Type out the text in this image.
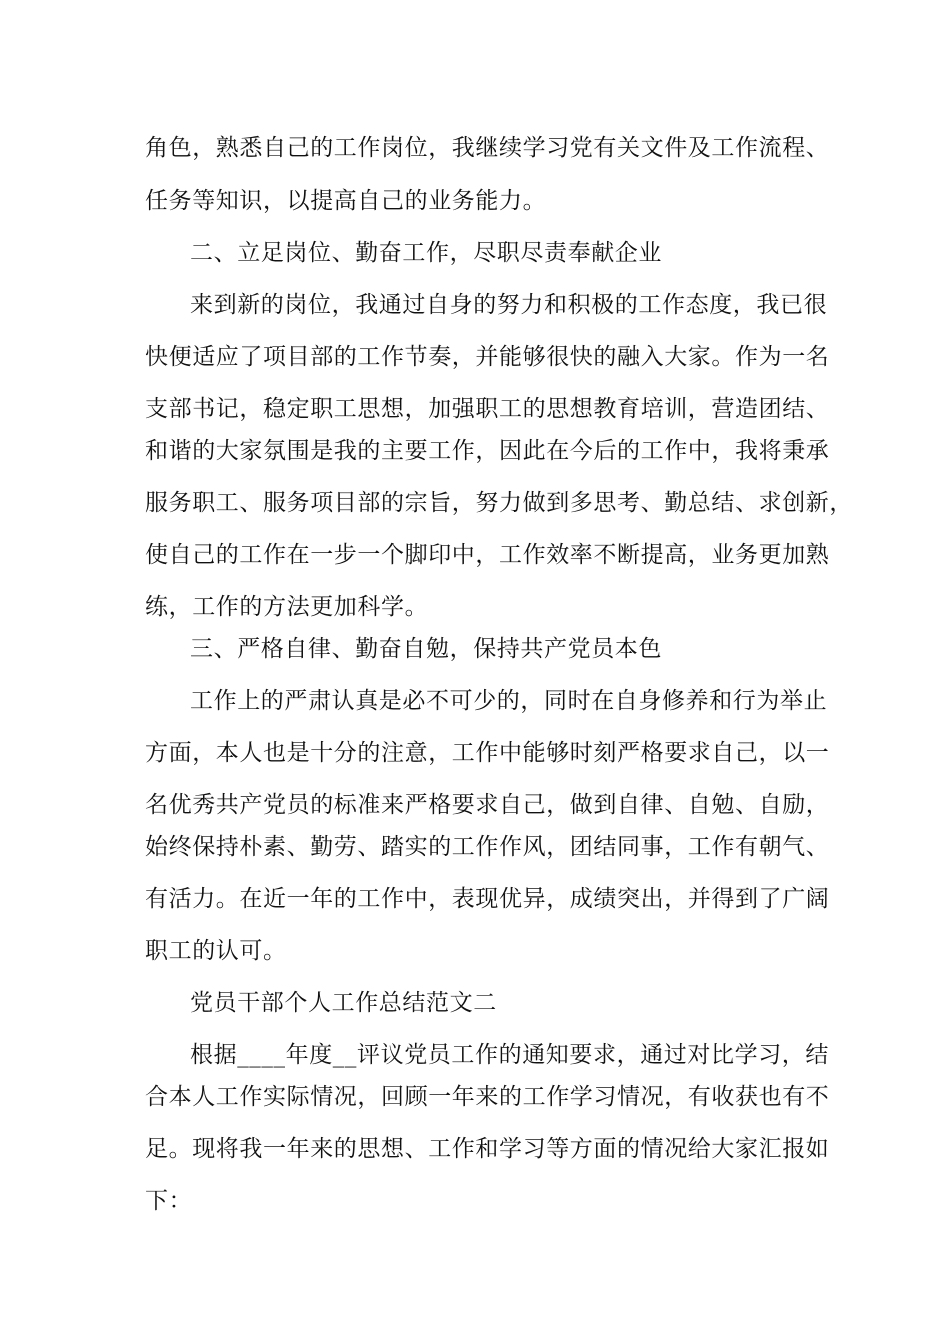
角色，熟悉自己的工作岗位，我继续学习党有关文件及工作流程、
任务等知识，以提高自己的业务能力。
二、立足岗位、勤奋工作，尽职尽责奉献企业
来到新的岗位，我通过自身的努力和积极的工作态度，我已很
快便适应了项目部的工作节奏，并能够很快的融入大家。作为一名
支部书记，稳定职工思想，加强职工的思想教育培训，营造团结、
和谐的大家氛围是我的主要工作，因此在今后的工作中，我将秉承
服务职工、服务项目部的宗旨，努力做到多思考、勤总结、求创新，
使自己的工作在一步一个脚印中，工作效率不断提高，业务更加熟
练，工作的方法更加科学。
三、严格自律、勤奋自勉，保持共产党员本色
工作上的严肃认真是必不可少的，同时在自身修养和行为举止
方面，本人也是十分的注意，工作中能够时刻严格要求自己，以一
名优秀共产党员的标准来严格要求自己，做到自律、自勉、自励，
始终保持朴素、勤劳、踏实的工作作风，团结同事，工作有朝气、
有活力。在近一年的工作中，表现优异，成绩突出，并得到了广阔
职工的认可。
党员干部个人工作总结范文二
根据____年度__评议党员工作的通知要求，通过对比学习，结
合本人工作实际情况，回顾一年来的工作学习情况，有收获也有不
足。现将我一年来的思想、工作和学习等方面的情况给大家汇报如
下：
